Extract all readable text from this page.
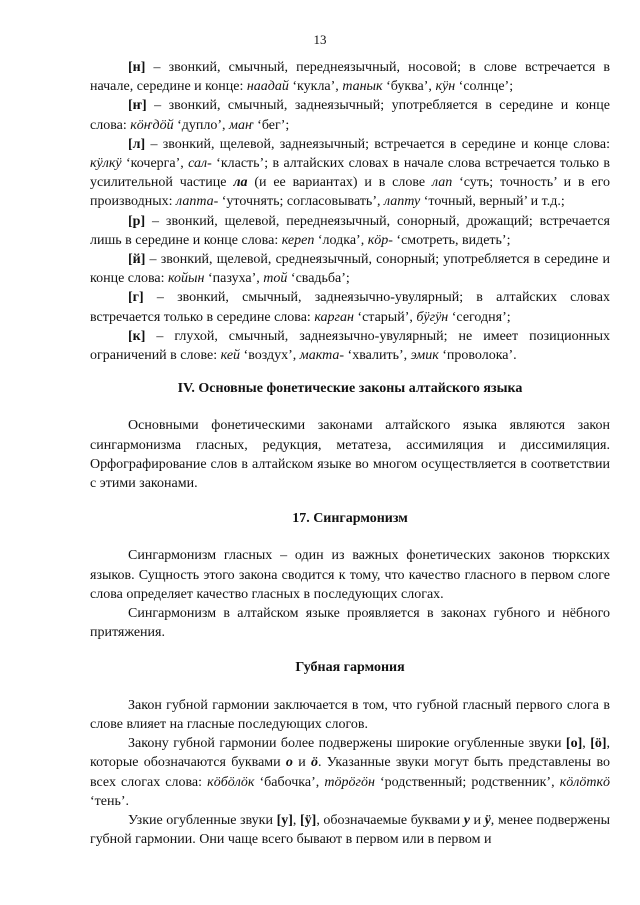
13

[н] – звонкий, смычный, переднеязычный, носовой; в слове встречается в начале, середине и конце: наадай ‘кукла’, танык ‘буква’, кӱн ‘солнце’;

[ҥ] – звонкий, смычный, заднеязычный; употребляется в середине и конце слова: кӧҥдӧй ‘дупло’, маҥ ‘бег’;

[л] – звонкий, щелевой, заднеязычный; встречается в середине и конце слова: кӱлкӱ ‘кочерга’, сал- ‘класть’; в алтайских словах в начале слова встречается только в усилительной частице ла (и ее вариантах) и в слове лап ‘суть; точность’ и в его производных: лапта- ‘уточнять; согласовывать’, лапту ‘точный, верный’ и т.д.;

[р] – звонкий, щелевой, переднеязычный, сонорный, дрожащий; встречается лишь в середине и конце слова: кереп ‘лодка’, кӧр- ‘смотреть, видеть’;

[й] – звонкий, щелевой, среднеязычный, сонорный; употребляется в середине и конце слова: койын ‘пазуха’, той ‘свадьба’;

[г] – звонкий, смычный, заднеязычно-увулярный; в алтайских словах встречается только в середине слова: карган ‘старый’, бӱгӱн ‘сегодня’;

[к] – глухой, смычный, заднеязычно-увулярный; не имеет позиционных ограничений в слове: кей ‘воздух’, макта- ‘хвалить’, эмик ‘проволока’.

IV. Основные фонетические законы алтайского языка

Основными фонетическими законами алтайского языка являются закон сингармонизма гласных, редукция, метатеза, ассимиляция и диссимиляция. Орфографирование слов в алтайском языке во многом осуществляется в соответствии с этими законами.

17. Сингармонизм

Сингармонизм гласных – один из важных фонетических законов тюркских языков. Сущность этого закона сводится к тому, что качество гласного в первом слоге слова определяет качество гласных в последующих слогах.

Сингармонизм в алтайском языке проявляется в законах губного и нёбного притяжения.

Губная гармония

Закон губной гармонии заключается в том, что губной гласный первого слога в слове влияет на гласные последующих слогов.

Закону губной гармонии более подвержены широкие огубленные звуки [о], [ӧ], которые обозначаются буквами о и ӧ. Указанные звуки могут быть представлены во всех слогах слова: кӧбӧлӧк ‘бабочка’, тӧрӧгӧн ‘родственный; родственник’, кӧлӧткӧ ‘тень’.

Узкие огубленные звуки [у], [ӱ], обозначаемые буквами у и ӱ, менее подвержены губной гармонии. Они чаще всего бывают в первом или в первом и
